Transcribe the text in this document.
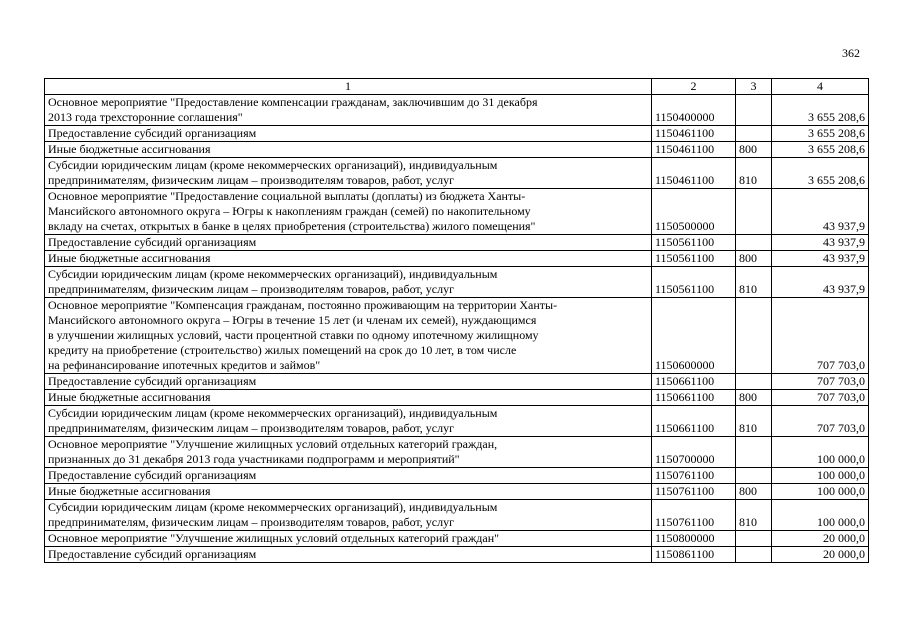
362
1	2	3	4
Основное мероприятие "Предоставление компенсации гражданам, заключившим до 31 декабря
2013 года трехсторонние соглашения"	1150400000		3 655 208,6
Предоставление субсидий организациям	1150461100		3 655 208,6
Иные бюджетные ассигнования	1150461100	800	3 655 208,6
Субсидии юридическим лицам (кроме некоммерческих организаций), индивидуальным
предпринимателям, физическим лицам – производителям товаров, работ, услуг	1150461100	810	3 655 208,6
Основное мероприятие "Предоставление социальной выплаты (доплаты) из бюджета Ханты-
Мансийского автономного округа – Югры к накоплениям граждан (семей) по накопительному
вкладу на счетах, открытых в банке в целях приобретения (строительства) жилого помещения"	1150500000		43 937,9
Предоставление субсидий организациям	1150561100		43 937,9
Иные бюджетные ассигнования	1150561100	800	43 937,9
Субсидии юридическим лицам (кроме некоммерческих организаций), индивидуальным
предпринимателям, физическим лицам – производителям товаров, работ, услуг	1150561100	810	43 937,9
Основное мероприятие "Компенсация гражданам, постоянно проживающим на территории Ханты-
Мансийского автономного округа – Югры в течение 15 лет (и членам их семей), нуждающимся
в улучшении жилищных условий, части процентной ставки по одному ипотечному жилищному
кредиту на приобретение (строительство) жилых помещений на срок до 10 лет, в том числе
на рефинансирование ипотечных кредитов и займов"	1150600000		707 703,0
Предоставление субсидий организациям	1150661100		707 703,0
Иные бюджетные ассигнования	1150661100	800	707 703,0
Субсидии юридическим лицам (кроме некоммерческих организаций), индивидуальным
предпринимателям, физическим лицам – производителям товаров, работ, услуг	1150661100	810	707 703,0
Основное мероприятие "Улучшение жилищных условий отдельных категорий граждан,
признанных до 31 декабря 2013 года участниками подпрограмм и мероприятий"	1150700000		100 000,0
Предоставление субсидий организациям	1150761100		100 000,0
Иные бюджетные ассигнования	1150761100	800	100 000,0
Субсидии юридическим лицам (кроме некоммерческих организаций), индивидуальным
предпринимателям, физическим лицам – производителям товаров, работ, услуг	1150761100	810	100 000,0
Основное мероприятие "Улучшение жилищных условий отдельных категорий граждан"	1150800000		20 000,0
Предоставление субсидий организациям	1150861100		20 000,0
